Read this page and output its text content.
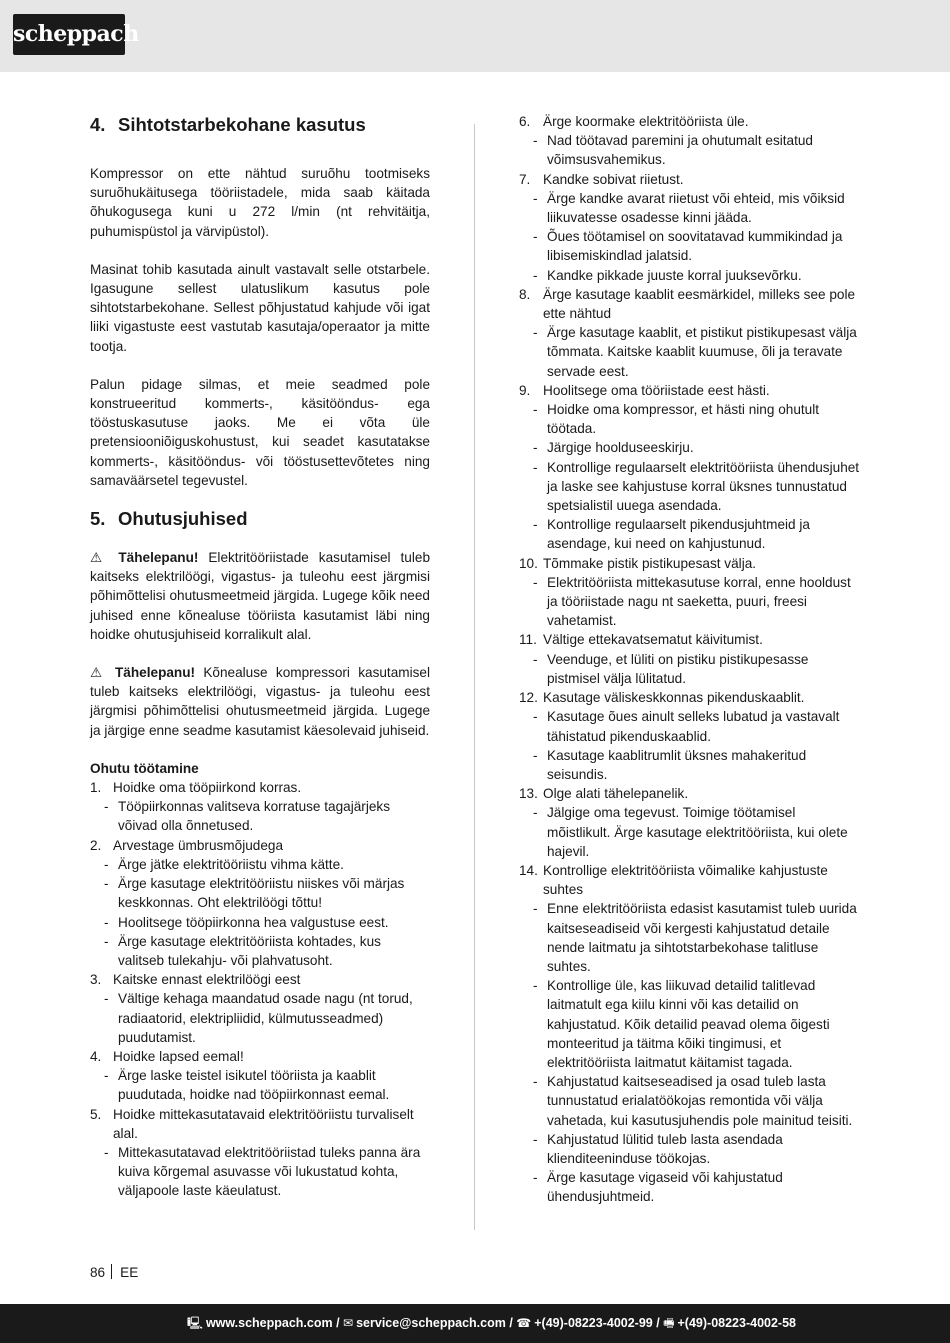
scheppach
4. Sihtotstarbekohane kasutus

Kompressor on ette nähtud suruõhu tootmiseks suruõhukäitusega tööriistadele, mida saab käitada õhukogusega kuni u 272 l/min (nt rehvitäitja, puhumispüstol ja värvipüstol).

Masinat tohib kasutada ainult vastavalt selle otstarbele. Igasugune sellest ulatuslikum kasutus pole sihtotstarbekohane. Sellest põhjustatud kahjude või igat liiki vigastuste eest vastutab kasutaja/operaator ja mitte tootja.

Palun pidage silmas, et meie seadmed pole konstrueeritud kommerts-, käsitööndus- ega tööstuskasutuse jaoks. Me ei võta üle pretensiooniõiguskohustust, kui seadet kasutatakse kommerts-, käsitööndus- või tööstusettevõtetes ning samaväärsetel tegevustel.

5. Ohutusjuhised

⚠ Tähelepanu! Elektritööriistade kasutamisel tuleb kaitseks elektrilöögi, vigastus- ja tuleohu eest järgmisi põhimõttelisi ohutusmeetmeid järgida. Lugege kõik need juhised enne kõnealuse tööriista kasutamist läbi ning hoidke ohutusjuhiseid korralikult alal.

⚠ Tähelepanu! Kõnealuse kompressori kasutamisel tuleb kaitseks elektrilöögi, vigastus- ja tuleohu eest järgmisi põhimõttelisi ohutusmeetmeid järgida. Lugege ja järgige enne seadme kasutamist käesolevaid juhiseid.

Ohutu töötamine
1. Hoidke oma tööpiirkond korras.
- Tööpiirkonnas valitseva korratuse tagajärjeks võivad olla õnnetused.
2. Arvestage ümbrusmõjudega
- Ärge jätke elektritööriistu vihma kätte.
- Ärge kasutage elektritööriistu niiskes või märjas keskkonnas. Oht elektrilöögi tõttu!
- Hoolitsege tööpiirkonna hea valgustuse eest.
- Ärge kasutage elektritööriista kohtades, kus valitseb tulekahju- või plahvatusoht.
3. Kaitske ennast elektrilöögi eest
- Vältige kehaga maandatud osade nagu (nt torud, radiaatorid, elektripliidid, külmutusseadmed) puudutamist.
4. Hoidke lapsed eemal!
- Ärge laske teistel isikutel tööriista ja kaablit puudutada, hoidke nad tööpiirkonnast eemal.
5. Hoidke mittekasutatavaid elektritööriistu turvaliselt alal.
- Mittekasutatavad elektritööriistad tuleks panna ära kuiva kõrgemal asuvasse või lukustatud kohta, väljapoole laste käeulatust.
6. Ärge koormake elektritööriista üle.
- Nad töötavad paremini ja ohutumalt esitatud võimsusvahemikus.
7. Kandke sobivat riietust.
- Ärge kandke avarat riietust või ehteid, mis võiksid liikuvatesse osadesse kinni jääda.
- Õues töötamisel on soovitatavad kummikindad ja libisemiskindlad jalatsid.
- Kandke pikkade juuste korral juuksevõrku.
8. Ärge kasutage kaablit eesmärkidel, milleks see pole ette nähtud
- Ärge kasutage kaablit, et pistikut pistikupesast välja tõmmata. Kaitske kaablit kuumuse, õli ja teravate servade eest.
9. Hoolitsege oma tööriistade eest hästi.
- Hoidke oma kompressor, et hästi ning ohutult töötada.
- Järgige hoolduseeskirju.
- Kontrollige regulaarselt elektritööriista ühendusjuhet ja laske see kahjustuse korral üksnes tunnustatud spetsialistil uuega asendada.
- Kontrollige regulaarselt pikendusjuhtmeid ja asendage, kui need on kahjustunud.
10. Tõmmake pistik pistikupesast välja.
- Elektritööriista mittekasutuse korral, enne hooldust ja tööriistade nagu nt saeketta, puuri, freesi vahetamist.
11. Vältige ettekavatsematut käivitumist.
- Veenduge, et lüliti on pistiku pistikupesasse pistmisel välja lülitatud.
12. Kasutage väliskeskkonnas pikenduskaablit.
- Kasutage õues ainult selleks lubatud ja vastavalt tähistatud pikenduskaablid.
- Kasutage kaablitrumlit üksnes mahakeritud seisundis.
13. Olge alati tähelepanelik.
- Jälgige oma tegevust. Toimige töötamisel mõistlikult. Ärge kasutage elektritööriista, kui olete hajevil.
14. Kontrollige elektritööriista võimalike kahjustuste suhtes
- Enne elektritööriista edasist kasutamist tuleb uurida kaitseseadiseid või kergesti kahjustatud detaile nende laitmatu ja sihtotstarbekohase talitluse suhtes.
- Kontrollige üle, kas liikuvad detailid talitlevad laitmatult ega kiilu kinni või kas detailid on kahjustatud. Kõik detailid peavad olema õigesti monteeritud ja täitma kõiki tingimusi, et elektritööriista laitmatut käitamist tagada.
- Kahjustatud kaitseseadised ja osad tuleb lasta tunnustatud erialatöökojas remontida või välja vahetada, kui kasutusjuhendis pole mainitud teisiti.
- Kahjustatud lülitid tuleb lasta asendada klienditeeninduse töökojas.
- Ärge kasutage vigaseid või kahjustatud ühendusjuhtmeid.
86 EE
🖳 www.scheppach.com / ✉ service@scheppach.com / ☎ +(49)-08223-4002-99 / 🖷 +(49)-08223-4002-58
